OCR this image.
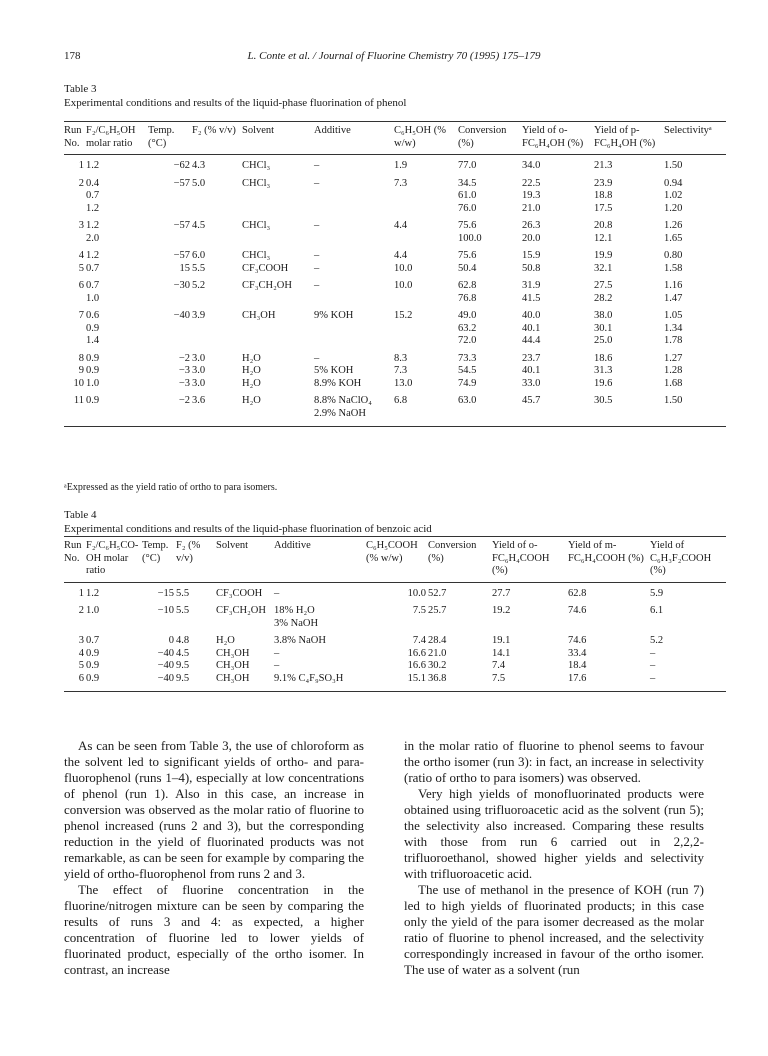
178	L. Conte et al. / Journal of Fluorine Chemistry 70 (1995) 175–179
Table 3
Experimental conditions and results of the liquid-phase fluorination of phenol
Run No.	F₂/C₆H₅OH molar ratio	Temp. (°C)	F₂ (% v/v)	Solvent	Additive	C₆H₅OH (% w/w)	Conversion (%)	Yield of o-FC₆H₄OH (%)	Yield of p-FC₆H₄OH (%)	Selectivityᵃ
1	1.2	−62	4.3	CHCl₃	–	1.9	77.0	34.0	21.3	1.50
2	0.4	−57	5.0	CHCl₃	–	7.3	34.5	22.5	23.9	0.94
	0.7						61.0	19.3	18.8	1.02
	1.2						76.0	21.0	17.5	1.20
3	1.2	−57	4.5	CHCl₃	–	4.4	75.6	26.3	20.8	1.26
	2.0						100.0	20.0	12.1	1.65
4	1.2	−57	6.0	CHCl₃	–	4.4	75.6	15.9	19.9	0.80
5	0.7	15	5.5	CF₃COOH	–	10.0	50.4	50.8	32.1	1.58
6	0.7	−30	5.2	CF₃CH₂OH	–	10.0	62.8	31.9	27.5	1.16
	1.0						76.8	41.5	28.2	1.47
7	0.6	−40	3.9	CH₃OH	9% KOH	15.2	49.0	40.0	38.0	1.05
	0.9						63.2	40.1	30.1	1.34
	1.4						72.0	44.4	25.0	1.78
8	0.9	−2	3.0	H₂O	–	8.3	73.3	23.7	18.6	1.27
9	0.9	−3	3.0	H₂O	5% KOH	7.3	54.5	40.1	31.3	1.28
10	1.0	−3	3.0	H₂O	8.9% KOH	13.0	74.9	33.0	19.6	1.68
11	0.9	−2	3.6	H₂O	8.8% NaClO₄	6.8	63.0	45.7	30.5	1.50
					2.9% NaOH					
ᵃExpressed as the yield ratio of ortho to para isomers.
Table 4
Experimental conditions and results of the liquid-phase fluorination of benzoic acid
Run No.	F₂/C₆H₅CO-OH molar ratio	Temp. (°C)	F₂ (% v/v)	Solvent	Additive	C₆H₅COOH (% w/w)	Conversion (%)	Yield of o-FC₆H₄COOH (%)	Yield of m-FC₆H₄COOH (%)	Yield of C₆H₃F₂COOH (%)
1	1.2	−15	5.5	CF₃COOH	–	10.0	52.7	27.7	62.8	5.9
2	1.0	−10	5.5	CF₃CH₂OH	18% H₂O	7.5	25.7	19.2	74.6	6.1
					3% NaOH					
3	0.7	0	4.8	H₂O	3.8% NaOH	7.4	28.4	19.1	74.6	5.2
4	0.9	−40	4.5	CH₃OH	–	16.6	21.0	14.1	33.4	–
5	0.9	−40	9.5	CH₃OH	–	16.6	30.2	7.4	18.4	–
6	0.9	−40	9.5	CH₃OH	9.1% C₄F₉SO₃H	15.1	36.8	7.5	17.6	–

As can be seen from Table 3, the use of chloroform as the solvent led to significant yields of ortho- and para-fluorophenol (runs 1–4), especially at low concentrations of phenol (run 1). Also in this case, an increase in conversion was observed as the molar ratio of fluorine to phenol increased (runs 2 and 3), but the corresponding reduction in the yield of fluorinated products was not remarkable, as can be seen for example by comparing the yield of ortho-fluorophenol from runs 2 and 3.

The effect of fluorine concentration in the fluorine/nitrogen mixture can be seen by comparing the results of runs 3 and 4: as expected, a higher concentration of fluorine led to lower yields of fluorinated product, especially of the ortho isomer. In contrast, an increase

in the molar ratio of fluorine to phenol seems to favour the ortho isomer (run 3): in fact, an increase in selectivity (ratio of ortho to para isomers) was observed.

Very high yields of monofluorinated products were obtained using trifluoroacetic acid as the solvent (run 5); the selectivity also increased. Comparing these results with those from run 6 carried out in 2,2,2-trifluoroethanol, showed higher yields and selectivity with trifluoroacetic acid.

The use of methanol in the presence of KOH (run 7) led to high yields of fluorinated products; in this case only the yield of the para isomer decreased as the molar ratio of fluorine to phenol increased, and the selectivity correspondingly increased in favour of the ortho isomer. The use of water as a solvent (run
